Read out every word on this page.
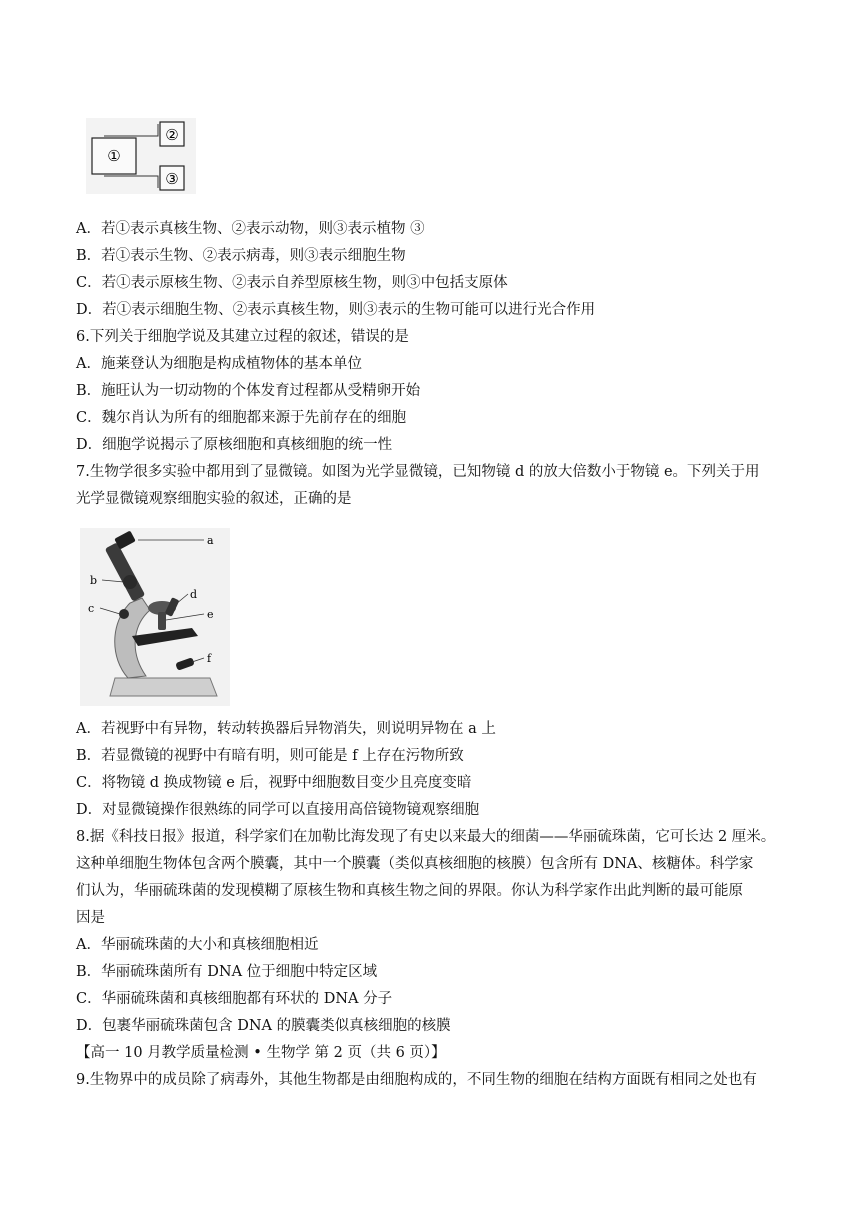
①
②
③
A．若①表示真核生物、②表示动物，则③表示植物 ③
B．若①表示生物、②表示病毒，则③表示细胞生物
C．若①表示原核生物、②表示自养型原核生物，则③中包括支原体
D．若①表示细胞生物、②表示真核生物，则③表示的生物可能可以进行光合作用
6.下列关于细胞学说及其建立过程的叙述，错误的是
A．施莱登认为细胞是构成植物体的基本单位
B．施旺认为一切动物的个体发育过程都从受精卵开始
C．魏尔肖认为所有的细胞都来源于先前存在的细胞
D．细胞学说揭示了原核细胞和真核细胞的统一性
7.生物学很多实验中都用到了显微镜。如图为光学显微镜，已知物镜 d 的放大倍数小于物镜 e。下列关于用
光学显微镜观察细胞实验的叙述，正确的是
a
b
c
d
e
f
A．若视野中有异物，转动转换器后异物消失，则说明异物在 a 上
B．若显微镜的视野中有暗有明，则可能是 f 上存在污物所致
C．将物镜 d 换成物镜 e 后，视野中细胞数目变少且亮度变暗
D．对显微镜操作很熟练的同学可以直接用高倍镜物镜观察细胞
8.据《科技日报》报道，科学家们在加勒比海发现了有史以来最大的细菌——华丽硫珠菌，它可长达 2 厘米。
这种单细胞生物体包含两个膜囊，其中一个膜囊（类似真核细胞的核膜）包含所有 DNA、核糖体。科学家
们认为，华丽硫珠菌的发现模糊了原核生物和真核生物之间的界限。你认为科学家作出此判断的最可能原
因是
A．华丽硫珠菌的大小和真核细胞相近
B．华丽硫珠菌所有 DNA 位于细胞中特定区域
C．华丽硫珠菌和真核细胞都有环状的 DNA 分子
D．包裹华丽硫珠菌包含 DNA 的膜囊类似真核细胞的核膜
【高一 10 月教学质量检测 • 生物学 第 2 页（共 6 页）】
9.生物界中的成员除了病毒外，其他生物都是由细胞构成的，不同生物的细胞在结构方面既有相同之处也有
